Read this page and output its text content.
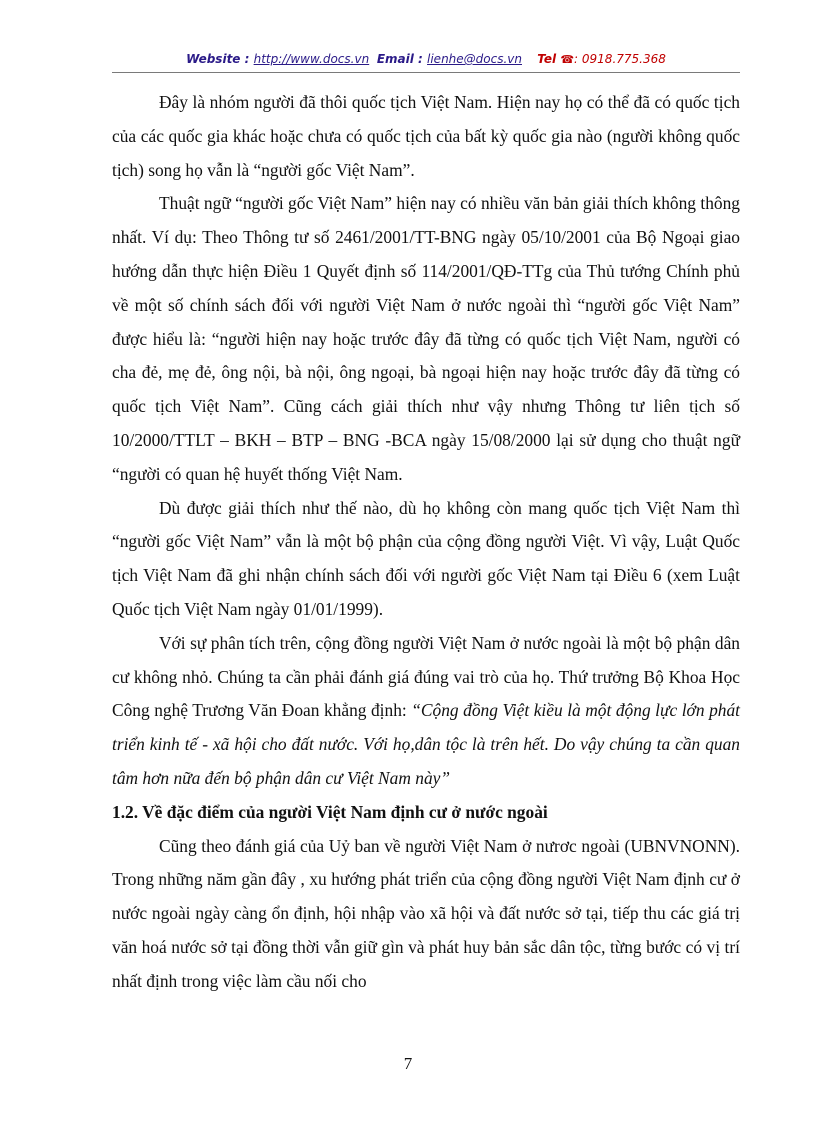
Website : http://www.docs.vn Email : lienhe@docs.vn Tel ☎: 0918.775.368

Đây là nhóm người đã thôi quốc tịch Việt Nam. Hiện nay họ có thể đã có quốc tịch của các quốc gia khác hoặc chưa có quốc tịch của bất kỳ quốc gia nào (người không quốc tịch) song họ vẫn là “người gốc Việt Nam”.

Thuật ngữ “người gốc Việt Nam” hiện nay có nhiều văn bản giải thích không thông nhất. Ví dụ: Theo Thông tư số 2461/2001/TT-BNG ngày 05/10/2001 của Bộ Ngoại giao hướng dẫn thực hiện Điều 1 Quyết định số 114/2001/QĐ-TTg của Thủ tướng Chính phủ về một số chính sách đối với người Việt Nam ở nước ngoài thì “người gốc Việt Nam” được hiểu là: “người hiện nay hoặc trước đây đã từng có quốc tịch Việt Nam, người có cha đẻ, mẹ đẻ, ông nội, bà nội, ông ngoại, bà ngoại hiện nay hoặc trước đây đã từng có quốc tịch Việt Nam”. Cũng cách giải thích như vậy nhưng Thông tư liên tịch số 10/2000/TTLT – BKH – BTP – BNG -BCA ngày 15/08/2000 lại sử dụng cho thuật ngữ “người có quan hệ huyết thống Việt Nam.

Dù được giải thích như thế nào, dù họ không còn mang quốc tịch Việt Nam thì “người gốc Việt Nam” vẫn là một bộ phận của cộng đồng người Việt. Vì vậy, Luật Quốc tịch Việt Nam đã ghi nhận chính sách đối với người gốc Việt Nam tại Điều 6 (xem Luật Quốc tịch Việt Nam ngày 01/01/1999).

Với sự phân tích trên, cộng đồng người Việt Nam ở nước ngoài là một bộ phận dân cư không nhỏ. Chúng ta cần phải đánh giá đúng vai trò của họ. Thứ trưởng Bộ Khoa Học Công nghệ Trương Văn Đoan khẳng định: “Cộng đồng Việt kiều là một động lực lớn phát triển kinh tế - xã hội cho đất nước. Với họ,dân tộc là trên hết. Do vậy chúng ta cần quan tâm hơn nữa đến bộ phận dân cư Việt Nam này”

1.2. Về đặc điểm của người Việt Nam định cư ở nước ngoài

Cũng theo đánh giá của Uỷ ban về người Việt Nam ở nưrơc ngoài (UBNVNONN). Trong những năm gần đây , xu hướng phát triển của cộng đồng người Việt Nam định cư ở nước ngoài ngày càng ổn định, hội nhập vào xã hội và đất nước sở tại, tiếp thu các giá trị văn hoá nước sở tại đồng thời vẫn giữ gìn và phát huy bản sắc dân tộc, từng bước có vị trí nhất định trong việc làm cầu nối cho

7
